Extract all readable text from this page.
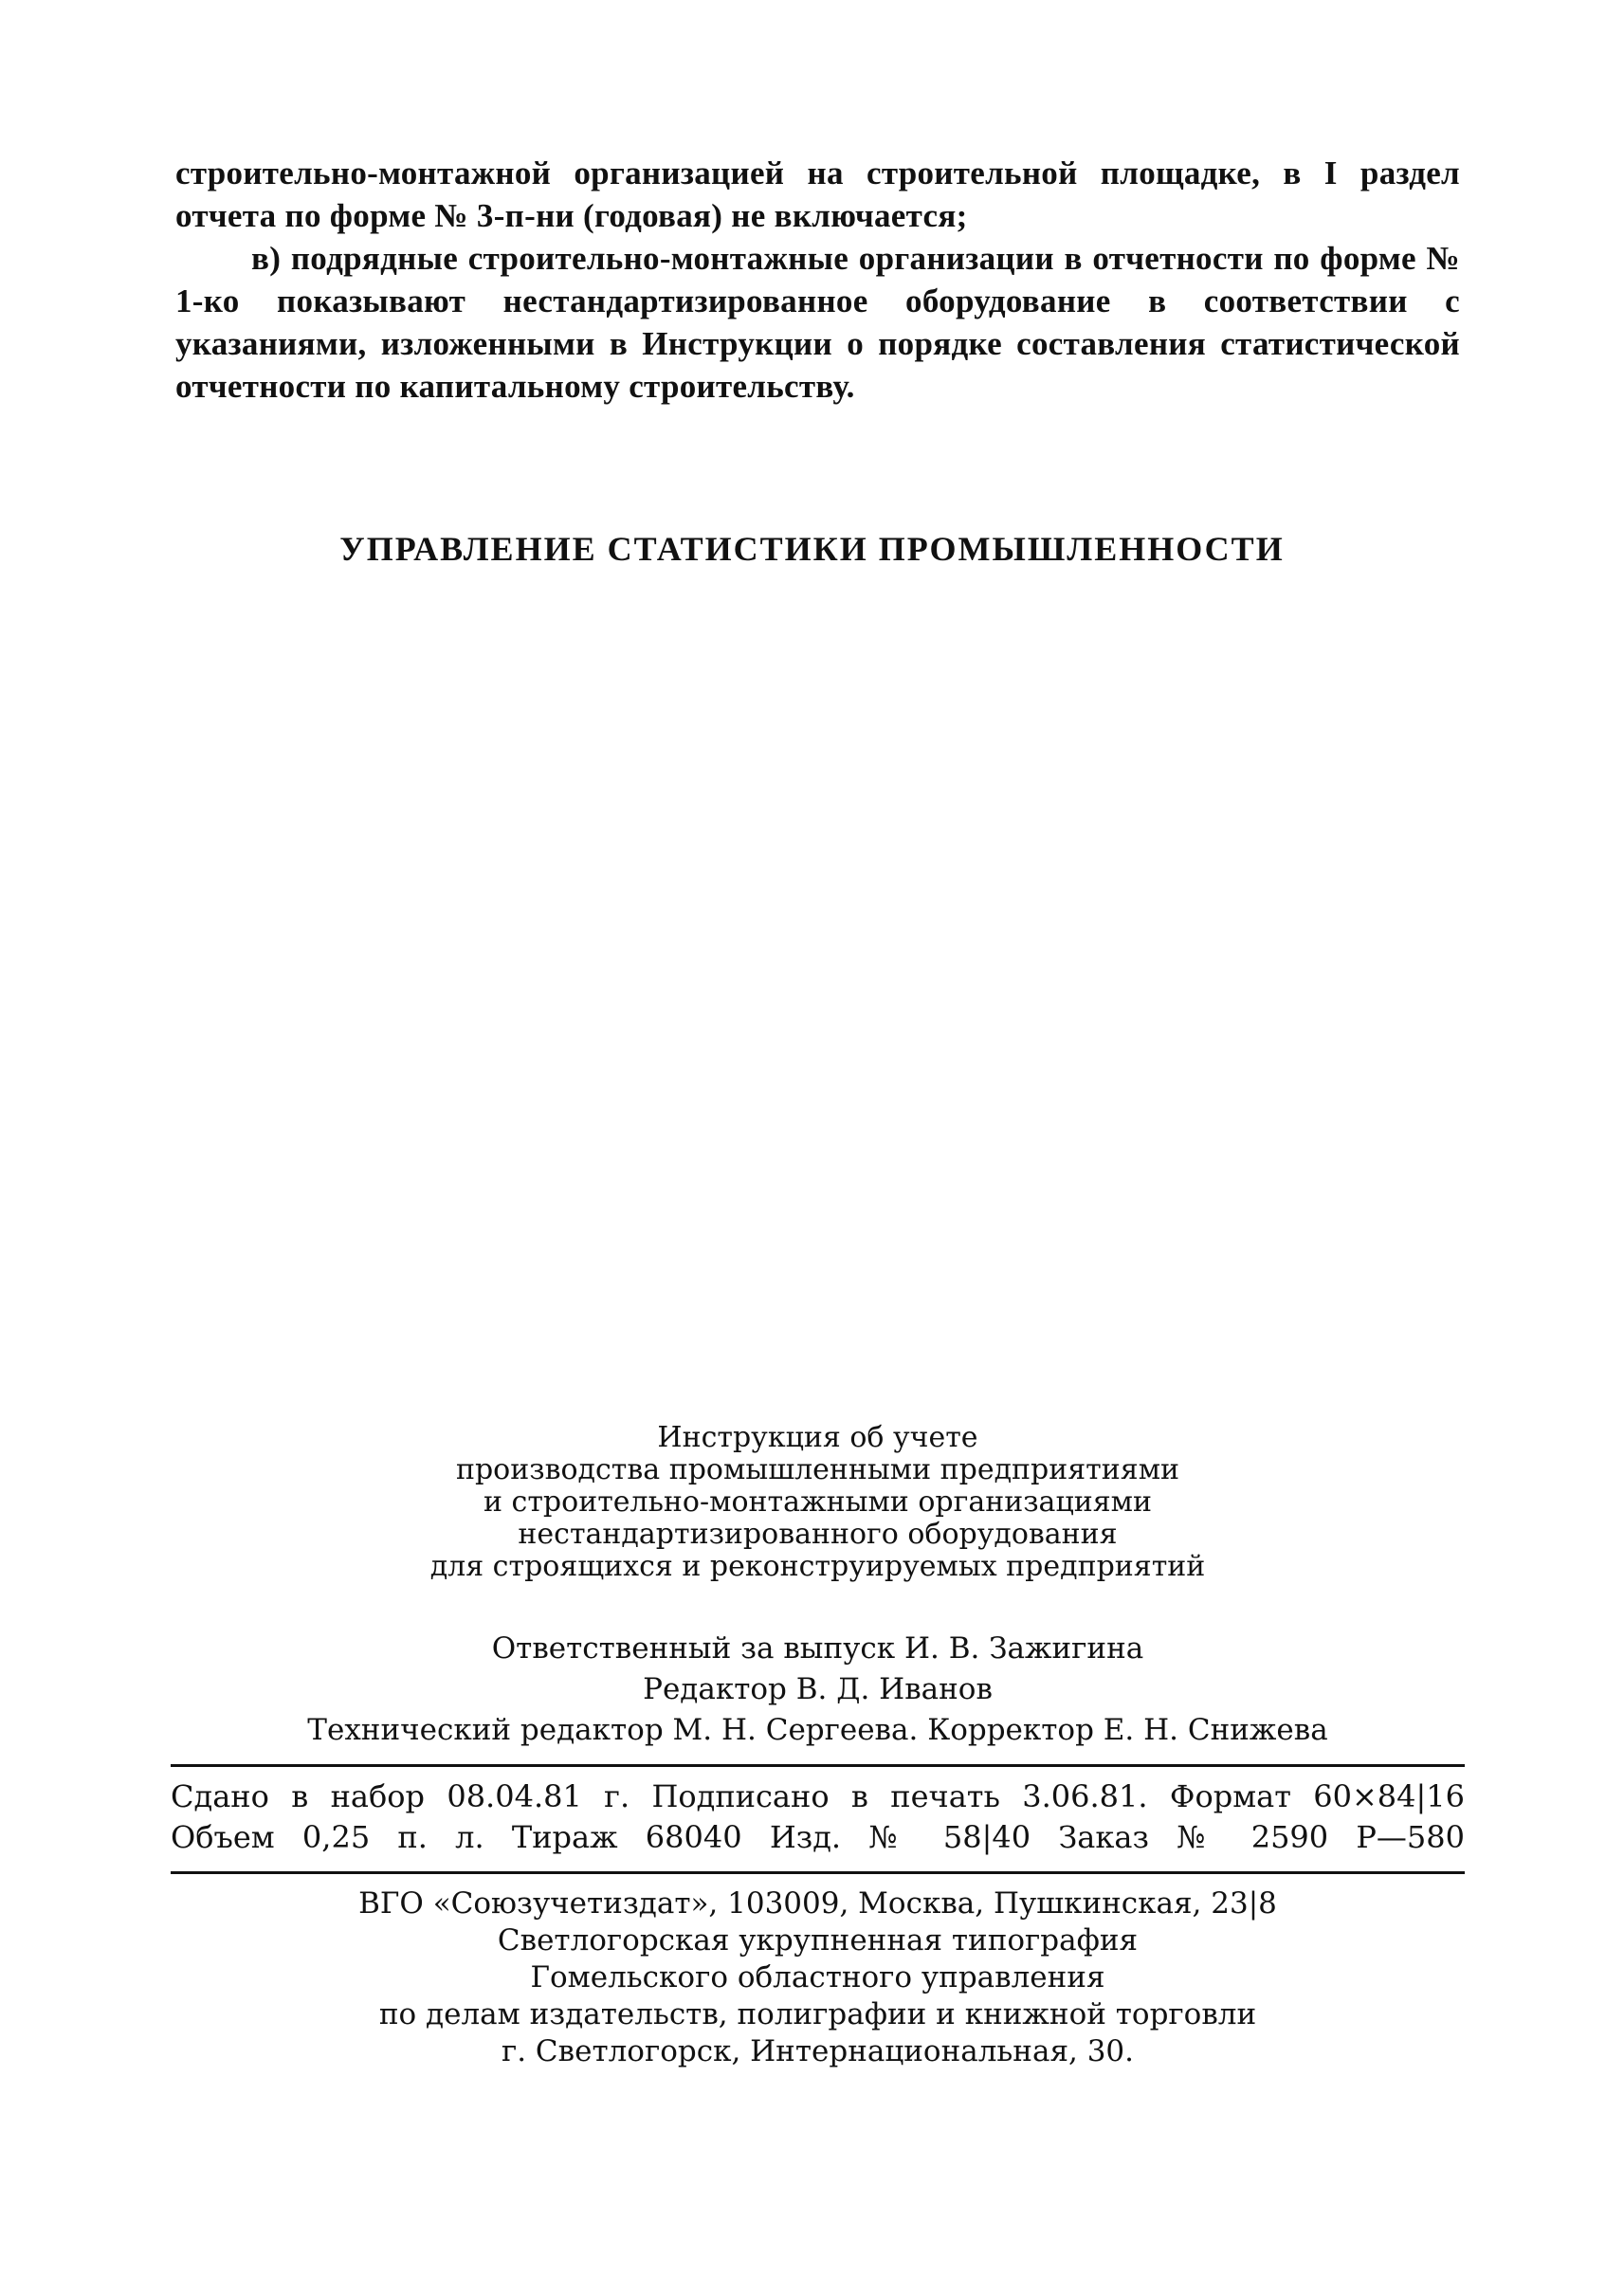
строительно-монтажной организацией на строительной площадке, в I раздел отчета по форме № 3-п-ни (годовая) не включается;

в) подрядные строительно-монтажные организации в отчетности по форме № 1-ко показывают нестандартизированное оборудование в соответствии с указаниями, изложенными в Инструкции о порядке составления статистической отчетности по капитальному строительству.

УПРАВЛЕНИЕ СТАТИСТИКИ ПРОМЫШЛЕННОСТИ
Инструкция об учете
производства промышленными предприятиями
и строительно-монтажными организациями
нестандартизированного оборудования
для строящихся и реконструируемых предприятий
Ответственный за выпуск И. В. Зажигина
Редактор В. Д. Иванов
Технический редактор М. Н. Сергеева. Корректор Е. Н. Снижева
Сдано в набор 08.04.81 г. Подписано в печать 3.06.81. Формат 60×84|16
Объем 0,25 п. л. Тираж 68040 Изд. № 58|40 Заказ № 2590 Р—580
ВГО «Союзучетиздат», 103009, Москва, Пушкинская, 23|8
Светлогорская укрупненная типография
Гомельского областного управления
по делам издательств, полиграфии и книжной торговли
г. Светлогорск, Интернациональная, 30.
